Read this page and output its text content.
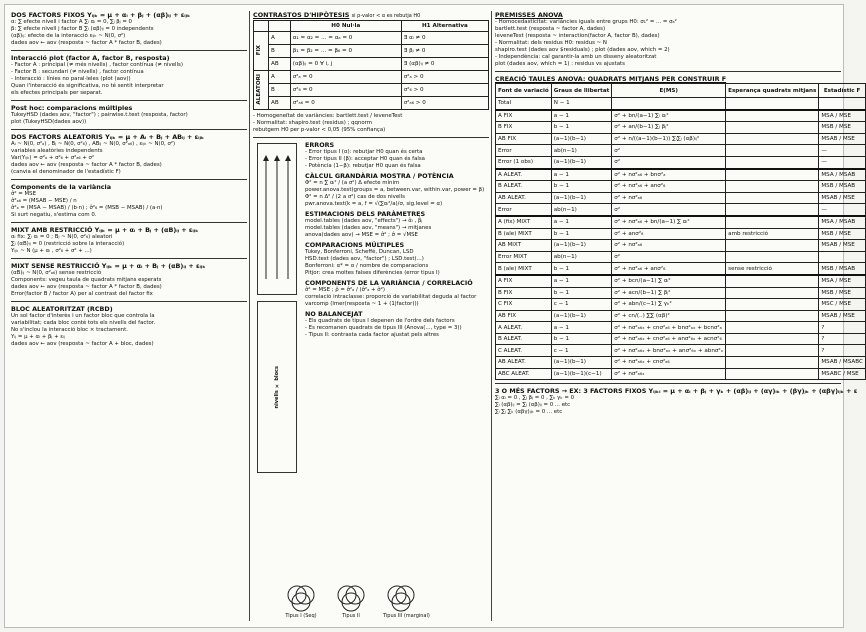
DOS FACTORS FIXOS Yᵢⱼₖ = μ + αᵢ + βⱼ + (αβ)ᵢⱼ + εᵢⱼₖ
α: ∑ efecte nivell i factor A ∑ᵢ αᵢ = 0, ∑ⱼ βⱼ = 0
β: ∑ efecte nivell j factor B ∑ᵢ (αβ)ᵢⱼ = 0 independents
(αβ)ᵢⱼ: efecte de la interacció εᵢⱼₖ ~ N(0, σ²)
dades aov ← aov (resposta ~ factor A * factor B, dades)
Interacció plot (factor A, factor B, resposta)
- Factor A : principal (≠ més nivells) , factor contínua (≠ nivells)
- Factor B : secundari (≠ nivells) , factor contínua
- Interacció : línies no paral·leles (plot (aov))
Quan l'interacció és significativa, no té sentit interpretar
els efectes principals per separat.
Post hoc: comparacions múltiples
TukeyHSD (dades aov, "factor") ; pairwise.t.test (resposta, factor)
plot (TukeyHSD(dades aov))
DOS FACTORS ALEATORIS Yᵢⱼₖ = μ + Aᵢ + Bⱼ + ABᵢⱼ + εᵢⱼₖ
Aᵢ ~ N(0, σ²ₐ) , Bⱼ ~ N(0, σ²₆) , ABᵢⱼ ~ N(0, σ²ₐ₆) , εᵢⱼₖ ~ N(0, σ²)
variables aleatòries independents
Var(Yᵢⱼₖ) = σ²ₐ + σ²₆ + σ²ₐ₆ + σ²
dades aov ← aov (resposta ~ factor A * factor B, dades)
(canvia el denominador de l'estadístic F)
Components de la variància
σ̂² = MSE
σ̂²ₐ₆ = (MSAB − MSE) / n
σ̂²ₐ = (MSA − MSAB) / (b·n) ; σ̂²₆ = (MSB − MSAB) / (a·n)
Si surt negatiu, s'estima com 0.
MIXT AMB RESTRICCIÓ Yᵢⱼₖ = μ + αᵢ + Bⱼ + (αB)ᵢⱼ + εᵢⱼₖ
αᵢ fix: ∑ᵢ αᵢ = 0 ; Bⱼ ~ N(0, σ²₆) aleatori
∑ᵢ (αB)ᵢⱼ = 0 (restricció sobre la interacció)
Yᵢⱼₖ ~ N (μ + αᵢ , σ²₆ + σ² + ...)
MIXT SENSE RESTRICCIÓ Yᵢⱼₖ = μ + αᵢ + Bⱼ + (αB)ᵢⱼ + εᵢⱼₖ
(αB)ᵢⱼ ~ N(0, σ²ₐ₆) sense restricció
Components: vegeu taula de quadrats mitjans esperats
dades aov ← aov (resposta ~ factor A * factor B, dades)
Error(factor B / factor A) per al contrast del factor fix
BLOC ALEATORITZAT (RCBD)
Un sol factor d'interès i un factor bloc que controla la
variabilitat; cada bloc conté tots els nivells del factor.
No s'inclou la interacció bloc × tractament.
Yᵢⱼ = μ + αᵢ + βⱼ + εᵢⱼ
dades aov ← aov (resposta ~ factor A + bloc, dades)
CONTRASTOS D'HIPÒTESIS si p-valor < α es rebutja H0
		H0 Nul·la	H1 Alternativa
FIX	A	α₁ = α₂ = ... = αₐ = 0	∃ αᵢ ≠ 0
	B	β₁ = β₂ = ... = β₆ = 0	∃ βⱼ ≠ 0
	AB	(αβ)ᵢⱼ = 0 ∀ i, j	∃ (αβ)ᵢⱼ ≠ 0
ALEATORI	A	σ²ₐ = 0	σ²ₐ > 0
	B	σ²₆ = 0	σ²₆ > 0
	AB	σ²ₐ₆ = 0	σ²ₐ₆ > 0
- Homogeneïtat de variàncies: bartlett.test / leveneTest
- Normalitat: shapiro.test (residus) ; qqnorm
rebutgem H0 per p-valor < 0,05 (95% confiança)
nivells × blocs
ERRORS
- Error tipus I (α): rebutjar H0 quan és certa
- Error tipus II (β): acceptar H0 quan és falsa
- Potència (1−β): rebutjar H0 quan és falsa
CÀLCUL GRANDÀRIA MOSTRA / POTÈNCIA
Φ² = n ∑ αᵢ² / (a σ²) Δ efecte mínim
power.anova.test(groups = a, between.var, within.var, power = β)
Φ² = n Δ² / (2 a σ²) cas de dos nivells
pwr.anova.test(k = a, f = √(∑αᵢ²/a)/σ, sig.level = α)
ESTIMACIONS DELS PARÀMETRES
model.tables (dades aov, "effects") → α̂ᵢ , β̂ⱼ
model.tables (dades aov, "means") → mitjanes
anova(dades aov) → MSE = σ̂² ; σ̂ = √MSE
COMPARACIONS MÚLTIPLES
Tukey, Bonferroni, Scheffé, Duncan, LSD
HSD.test (dades aov, "factor") ; LSD.test(...)
Bonferroni: α* = α / nombre de comparacions
Pitjor: crea moltes falses diferències (error tipus I)
COMPONENTS DE LA VARIÀNCIA / CORRELACIÓ
σ̂² = MSE ; ρ̂ = σ̂²ₐ / (σ̂²ₐ + σ̂²)
correlació intraclasse: proporció de variabilitat deguda al factor
varcomp (lmer(resposta ~ 1 + (1|factor)))
NO BALANCEJAT
- Els quadrats de tipus I depenen de l'ordre dels factors
- Es recomanen quadrats de tipus III (Anova(..., type = 3))
- Tipus II: contrasta cada factor ajustat pels altres
Tipus I (Seq)	Tipus II	Tipus III (marginal)
PREMISSES ANOVA
- Homocedasticitat: variàncies iguals entre grups H0: σ₁² = ... = σₐ²
bartlett.test (resposta ~ factor A, dades)
leveneTest (resposta ~ interaction(factor A, factor B), dades)
- Normalitat: dels residus H0: residus ~ N
shapiro.test (dades aov $residuals) ; plot (dades aov, which = 2)
- Independència: cal garantir-la amb un disseny aleatoritzat
plot (dades aov, which = 1) : residus vs ajustats
CREACIÓ TAULES ANOVA: QUADRATS MITJANS PER CONSTRUIR F
Font de variació	Graus de llibertat	E(MS)	Esperança quadrats mitjans	Estadístic F
Total	N − 1			
A FIX	a − 1	σ² + bn/(a−1) ∑ᵢ αᵢ²		MSA / MSE
B FIX	b − 1	σ² + an/(b−1) ∑ⱼ βⱼ²		MSB / MSE
AB FIX	(a−1)(b−1)	σ² + n/((a−1)(b−1)) ∑ᵢ∑ⱼ (αβ)ᵢⱼ²		MSAB / MSE
Error	ab(n−1)	σ²		—
Error (1 obs)	(a−1)(b−1)	σ²		—
A ALEAT.	a − 1	σ² + nσ²ₐ₆ + bnσ²ₐ		MSA / MSAB
B ALEAT.	b − 1	σ² + nσ²ₐ₆ + anσ²₆		MSB / MSAB
AB ALEAT.	(a−1)(b−1)	σ² + nσ²ₐ₆		MSAB / MSE
Error	ab(n−1)	σ²		—
A (fix) MIXT	a − 1	σ² + nσ²ₐ₆ + bn/(a−1) ∑ αᵢ²		MSA / MSAB
B (ale) MIXT	b − 1	σ² + anσ²₆	amb restricció	MSB / MSE
AB MIXT	(a−1)(b−1)	σ² + nσ²ₐ₆		MSAB / MSE
Error MIXT	ab(n−1)	σ²		
B (ale) MIXT	b − 1	σ² + nσ²ₐ₆ + anσ²₆	sense restricció	MSB / MSAB
A FIX	a − 1	σ² + bcn/(a−1) ∑ αᵢ²		MSA / MSE
B FIX	b − 1	σ² + acn/(b−1) ∑ βⱼ²		MSB / MSE
C FIX	c − 1	σ² + abn/(c−1) ∑ γₖ²		MSC / MSE
AB FIX	(a−1)(b−1)	σ² + cn/(..) ∑∑ (αβ)²		MSAB / MSE
A ALEAT.	a − 1	σ² + nσ²ₐ₆ₓ + cnσ²ₐ₆ + bnσ²ₐₓ + bcnσ²ₐ		?
B ALEAT.	b − 1	σ² + nσ²ₐ₆ₓ + cnσ²ₐ₆ + anσ²₆ₓ + acnσ²₆		?
C ALEAT.	c − 1	σ² + nσ²ₐ₆ₓ + bnσ²ₐₓ + anσ²₆ₓ + abnσ²ₓ		?
AB ALEAT.	(a−1)(b−1)	σ² + nσ²ₐ₆ₓ + cnσ²ₐ₆		MSAB / MSABC
ABC ALEAT.	(a−1)(b−1)(c−1)	σ² + nσ²ₐ₆ₓ		MSABC / MSE
3 O MÉS FACTORS → EX: 3 FACTORS FIXOS Yᵢⱼₖₗ = μ + αᵢ + βⱼ + γₖ + (αβ)ᵢⱼ + (αγ)ᵢₖ + (βγ)ⱼₖ + (αβγ)ᵢⱼₖ + ε
∑ᵢ αᵢ = 0 , ∑ⱼ βⱼ = 0 , ∑ₖ γₖ = 0
∑ᵢ (αβ)ᵢⱼ = ∑ⱼ (αβ)ᵢⱼ = 0 ... etc
∑ᵢ ∑ⱼ ∑ₖ (αβγ)ᵢⱼₖ = 0 ... etc
